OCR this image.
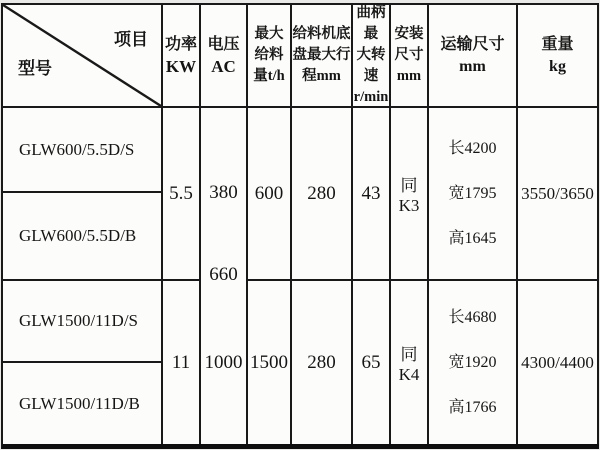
项目
型号
功率
KW
电压
AC
最大
给料
量t/h
给料机底
盘最大行
程mm
曲柄最
大转速
r/min
安装
尺寸
mm
运输尺寸
mm
重量
kg
GLW600/5.5D/S
GLW600/5.5D/B
GLW1500/11D/S
GLW1500/11D/B
5.5
11
380
660
1000
600
1500
280
280
43
65
同K3
同K4
长4200
宽1795
高1645
长4680
宽1920
高1766
3550/3650
4300/4400
